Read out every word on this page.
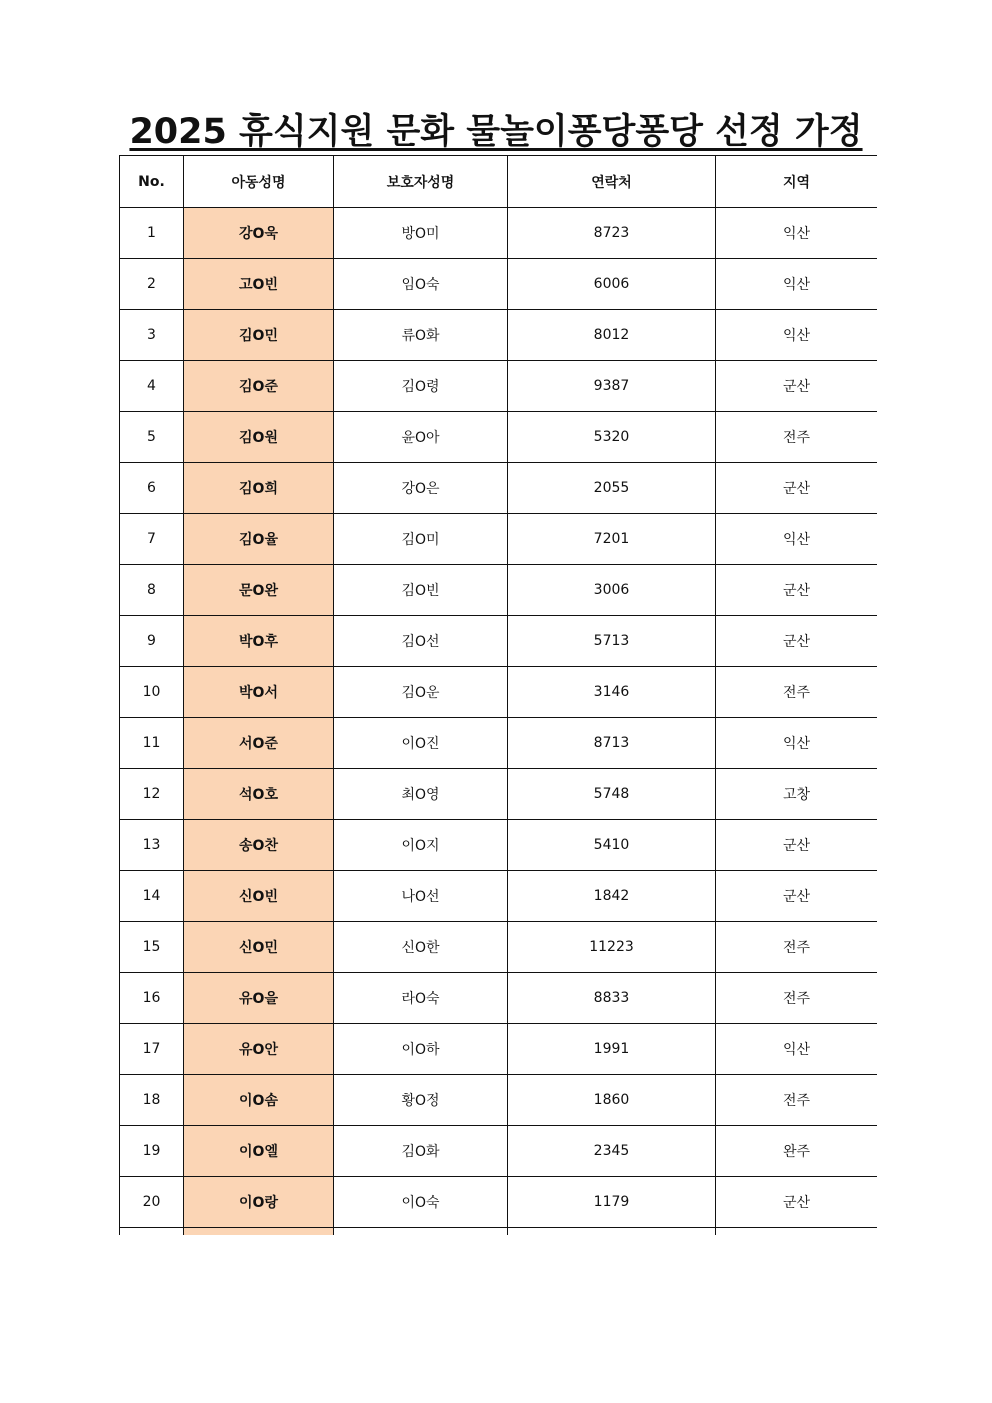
2025 휴식지원 문화 물놀이퐁당퐁당 선정 가정
No.	아동성명	보호자성명	연락처	지역
1	강O욱	방O미	8723	익산
2	고O빈	임O숙	6006	익산
3	김O민	류O화	8012	익산
4	김O준	김O령	9387	군산
5	김O원	윤O아	5320	전주
6	김O희	강O은	2055	군산
7	김O율	김O미	7201	익산
8	문O완	김O빈	3006	군산
9	박O후	김O선	5713	군산
10	박O서	김O운	3146	전주
11	서O준	이O진	8713	익산
12	석O호	최O영	5748	고창
13	송O찬	이O지	5410	군산
14	신O빈	나O선	1842	군산
15	신O민	신O한	11223	전주
16	유O을	라O숙	8833	전주
17	유O안	이O하	1991	익산
18	이O솜	황O정	1860	전주
19	이O엘	김O화	2345	완주
20	이O랑	이O숙	1179	군산
